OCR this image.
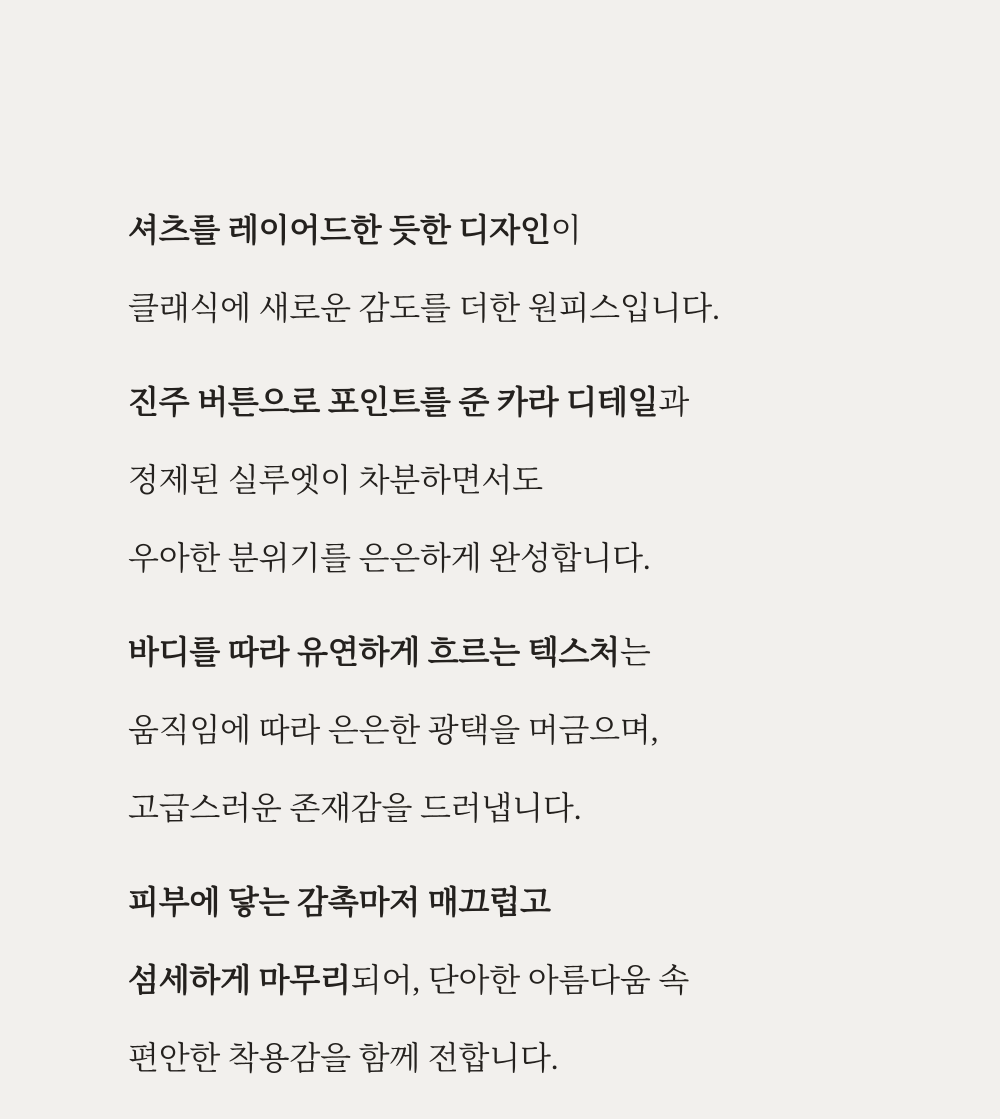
셔츠를 레이어드한 듯한 디자인이

클래식에 새로운 감도를 더한 원피스입니다.

진주 버튼으로 포인트를 준 카라 디테일과

정제된 실루엣이 차분하면서도

우아한 분위기를 은은하게 완성합니다.

바디를 따라 유연하게 흐르는 텍스처는

움직임에 따라 은은한 광택을 머금으며,

고급스러운 존재감을 드러냅니다.

피부에 닿는 감촉마저 매끄럽고

섬세하게 마무리되어, 단아한 아름다움 속

편안한 착용감을 함께 전합니다.
